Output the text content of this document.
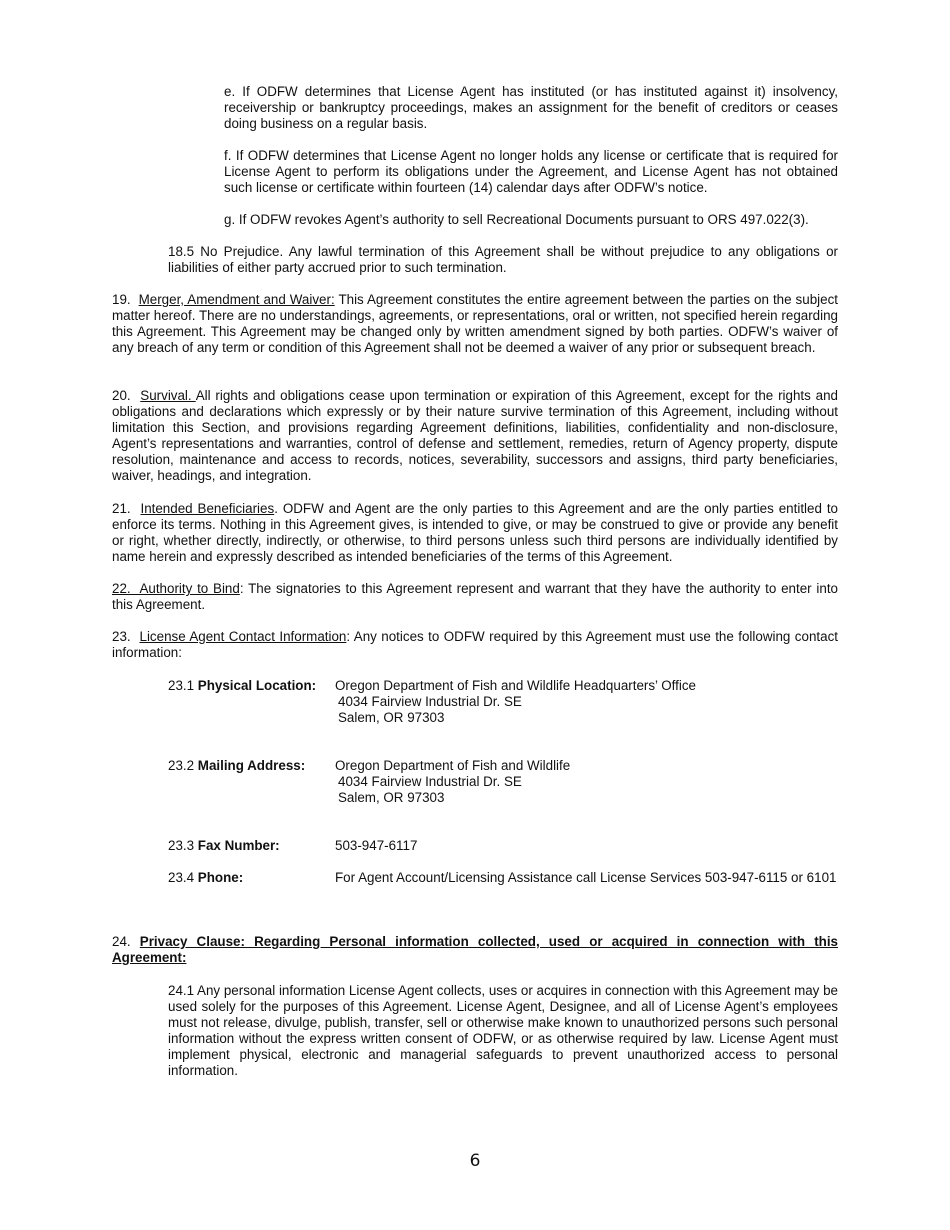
e. If ODFW determines that License Agent has instituted (or has instituted against it) insolvency, receivership or bankruptcy proceedings, makes an assignment for the benefit of creditors or ceases doing business on a regular basis.

f. If ODFW determines that License Agent no longer holds any license or certificate that is required for License Agent to perform its obligations under the Agreement, and License Agent has not obtained such license or certificate within fourteen (14) calendar days after ODFW’s notice.

g. If ODFW revokes Agent’s authority to sell Recreational Documents pursuant to ORS 497.022(3).

18.5 No Prejudice. Any lawful termination of this Agreement shall be without prejudice to any obligations or liabilities of either party accrued prior to such termination.

19.  Merger, Amendment and Waiver: This Agreement constitutes the entire agreement between the parties on the subject matter hereof. There are no understandings, agreements, or representations, oral or written, not specified herein regarding this Agreement. This Agreement may be changed only by written amendment signed by both parties. ODFW’s waiver of any breach of any term or condition of this Agreement shall not be deemed a waiver of any prior or subsequent breach.

20.  Survival. All rights and obligations cease upon termination or expiration of this Agreement, except for the rights and obligations and declarations which expressly or by their nature survive termination of this Agreement, including without limitation this Section, and provisions regarding Agreement definitions, liabilities, confidentiality and non-disclosure, Agent’s representations and warranties, control of defense and settlement, remedies, return of Agency property, dispute resolution, maintenance and access to records, notices, severability, successors and assigns, third party beneficiaries, waiver, headings, and integration.

21.  Intended Beneficiaries. ODFW and Agent are the only parties to this Agreement and are the only parties entitled to enforce its terms. Nothing in this Agreement gives, is intended to give, or may be construed to give or provide any benefit or right, whether directly, indirectly, or otherwise, to third persons unless such third persons are individually identified by name herein and expressly described as intended beneficiaries of the terms of this Agreement.

22.  Authority to Bind: The signatories to this Agreement represent and warrant that they have the authority to enter into this Agreement.

23.  License Agent Contact Information: Any notices to ODFW required by this Agreement must use the following contact information:

23.1 Physical Location:	Oregon Department of Fish and Wildlife Headquarters’ Office
4034 Fairview Industrial Dr. SE
Salem, OR 97303
23.2 Mailing Address:	Oregon Department of Fish and Wildlife
4034 Fairview Industrial Dr. SE
Salem, OR 97303
23.3 Fax Number:	503-947-6117
23.4 Phone:	For Agent Account/Licensing Assistance call License Services 503-947-6115 or 6101

24. Privacy Clause: Regarding Personal information collected, used or acquired in connection with this Agreement:

24.1 Any personal information License Agent collects, uses or acquires in connection with this Agreement may be used solely for the purposes of this Agreement. License Agent, Designee, and all of License Agent’s employees must not release, divulge, publish, transfer, sell or otherwise make known to unauthorized persons such personal information without the express written consent of ODFW, or as otherwise required by law. License Agent must implement physical, electronic and managerial safeguards to prevent unauthorized access to personal information.

6
